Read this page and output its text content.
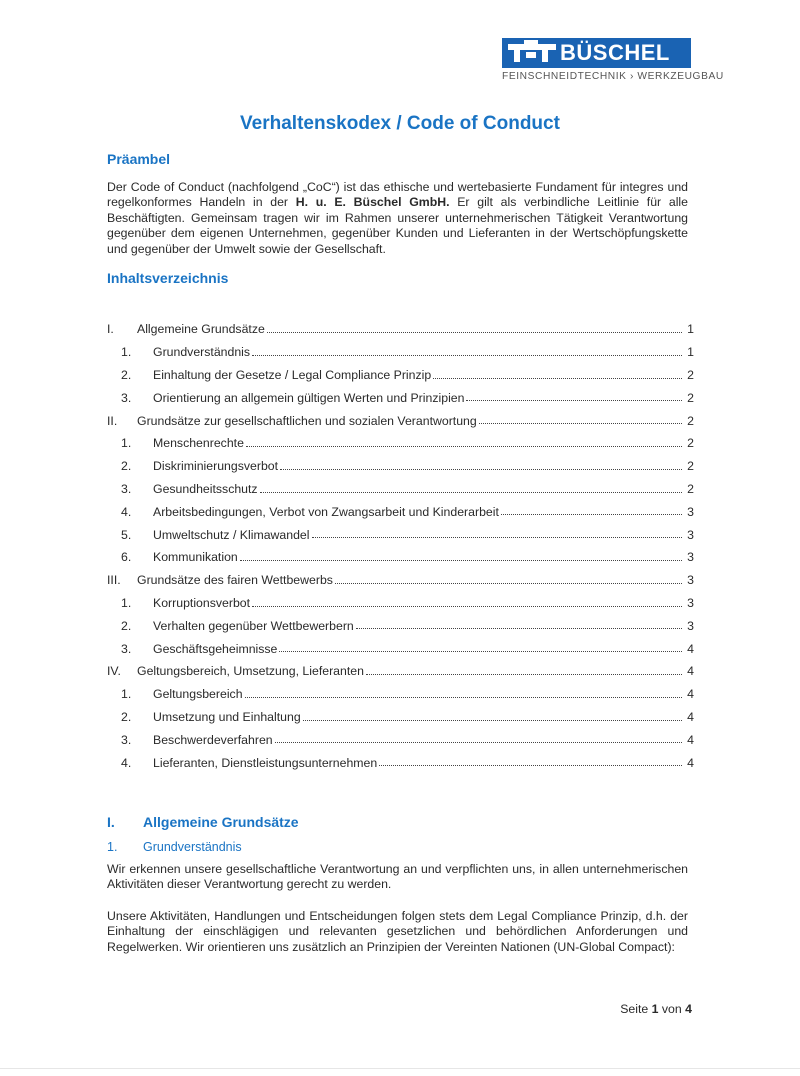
BÜSCHEL
FEINSCHNEIDTECHNIK › WERKZEUGBAU
Verhaltenskodex / Code of Conduct
Präambel

Der Code of Conduct (nachfolgend „CoC“) ist das ethische und wertebasierte Fundament für integres und regelkonformes Handeln in der H. u. E. Büschel GmbH. Er gilt als verbindliche Leitlinie für alle Beschäftigten. Gemeinsam tragen wir im Rahmen unserer unternehmerischen Tätigkeit Verantwortung gegenüber dem eigenen Unternehmen, gegenüber Kunden und Lieferanten in der Wertschöpfungskette und gegenüber der Umwelt sowie der Gesellschaft.

Inhaltsverzeichnis
I.	Allgemeine Grundsätze	1
1.	Grundverständnis	1
2.	Einhaltung der Gesetze / Legal Compliance Prinzip	2
3.	Orientierung an allgemein gültigen Werten und Prinzipien	2
II.	Grundsätze zur gesellschaftlichen und sozialen Verantwortung	2
1.	Menschenrechte	2
2.	Diskriminierungsverbot	2
3.	Gesundheitsschutz	2
4.	Arbeitsbedingungen, Verbot von Zwangsarbeit und Kinderarbeit	3
5.	Umweltschutz / Klimawandel	3
6.	Kommunikation	3
III.	Grundsätze des fairen Wettbewerbs	3
1.	Korruptionsverbot	3
2.	Verhalten gegenüber Wettbewerbern	3
3.	Geschäftsgeheimnisse	4
IV.	Geltungsbereich, Umsetzung, Lieferanten	4
1.	Geltungsbereich	4
2.	Umsetzung und Einhaltung	4
3.	Beschwerdeverfahren	4
4.	Lieferanten, Dienstleistungsunternehmen	4
I.	Allgemeine Grundsätze
1.	Grundverständnis

Wir erkennen unsere gesellschaftliche Verantwortung an und verpflichten uns, in allen unternehmerischen Aktivitäten dieser Verantwortung gerecht zu werden.

Unsere Aktivitäten, Handlungen und Entscheidungen folgen stets dem Legal Compliance Prinzip, d.h. der Einhaltung der einschlägigen und relevanten gesetzlichen und behördlichen Anforderungen und Regelwerken. Wir orientieren uns zusätzlich an Prinzipien der Vereinten Nationen (UN-Global Compact):

Seite 1 von 4
